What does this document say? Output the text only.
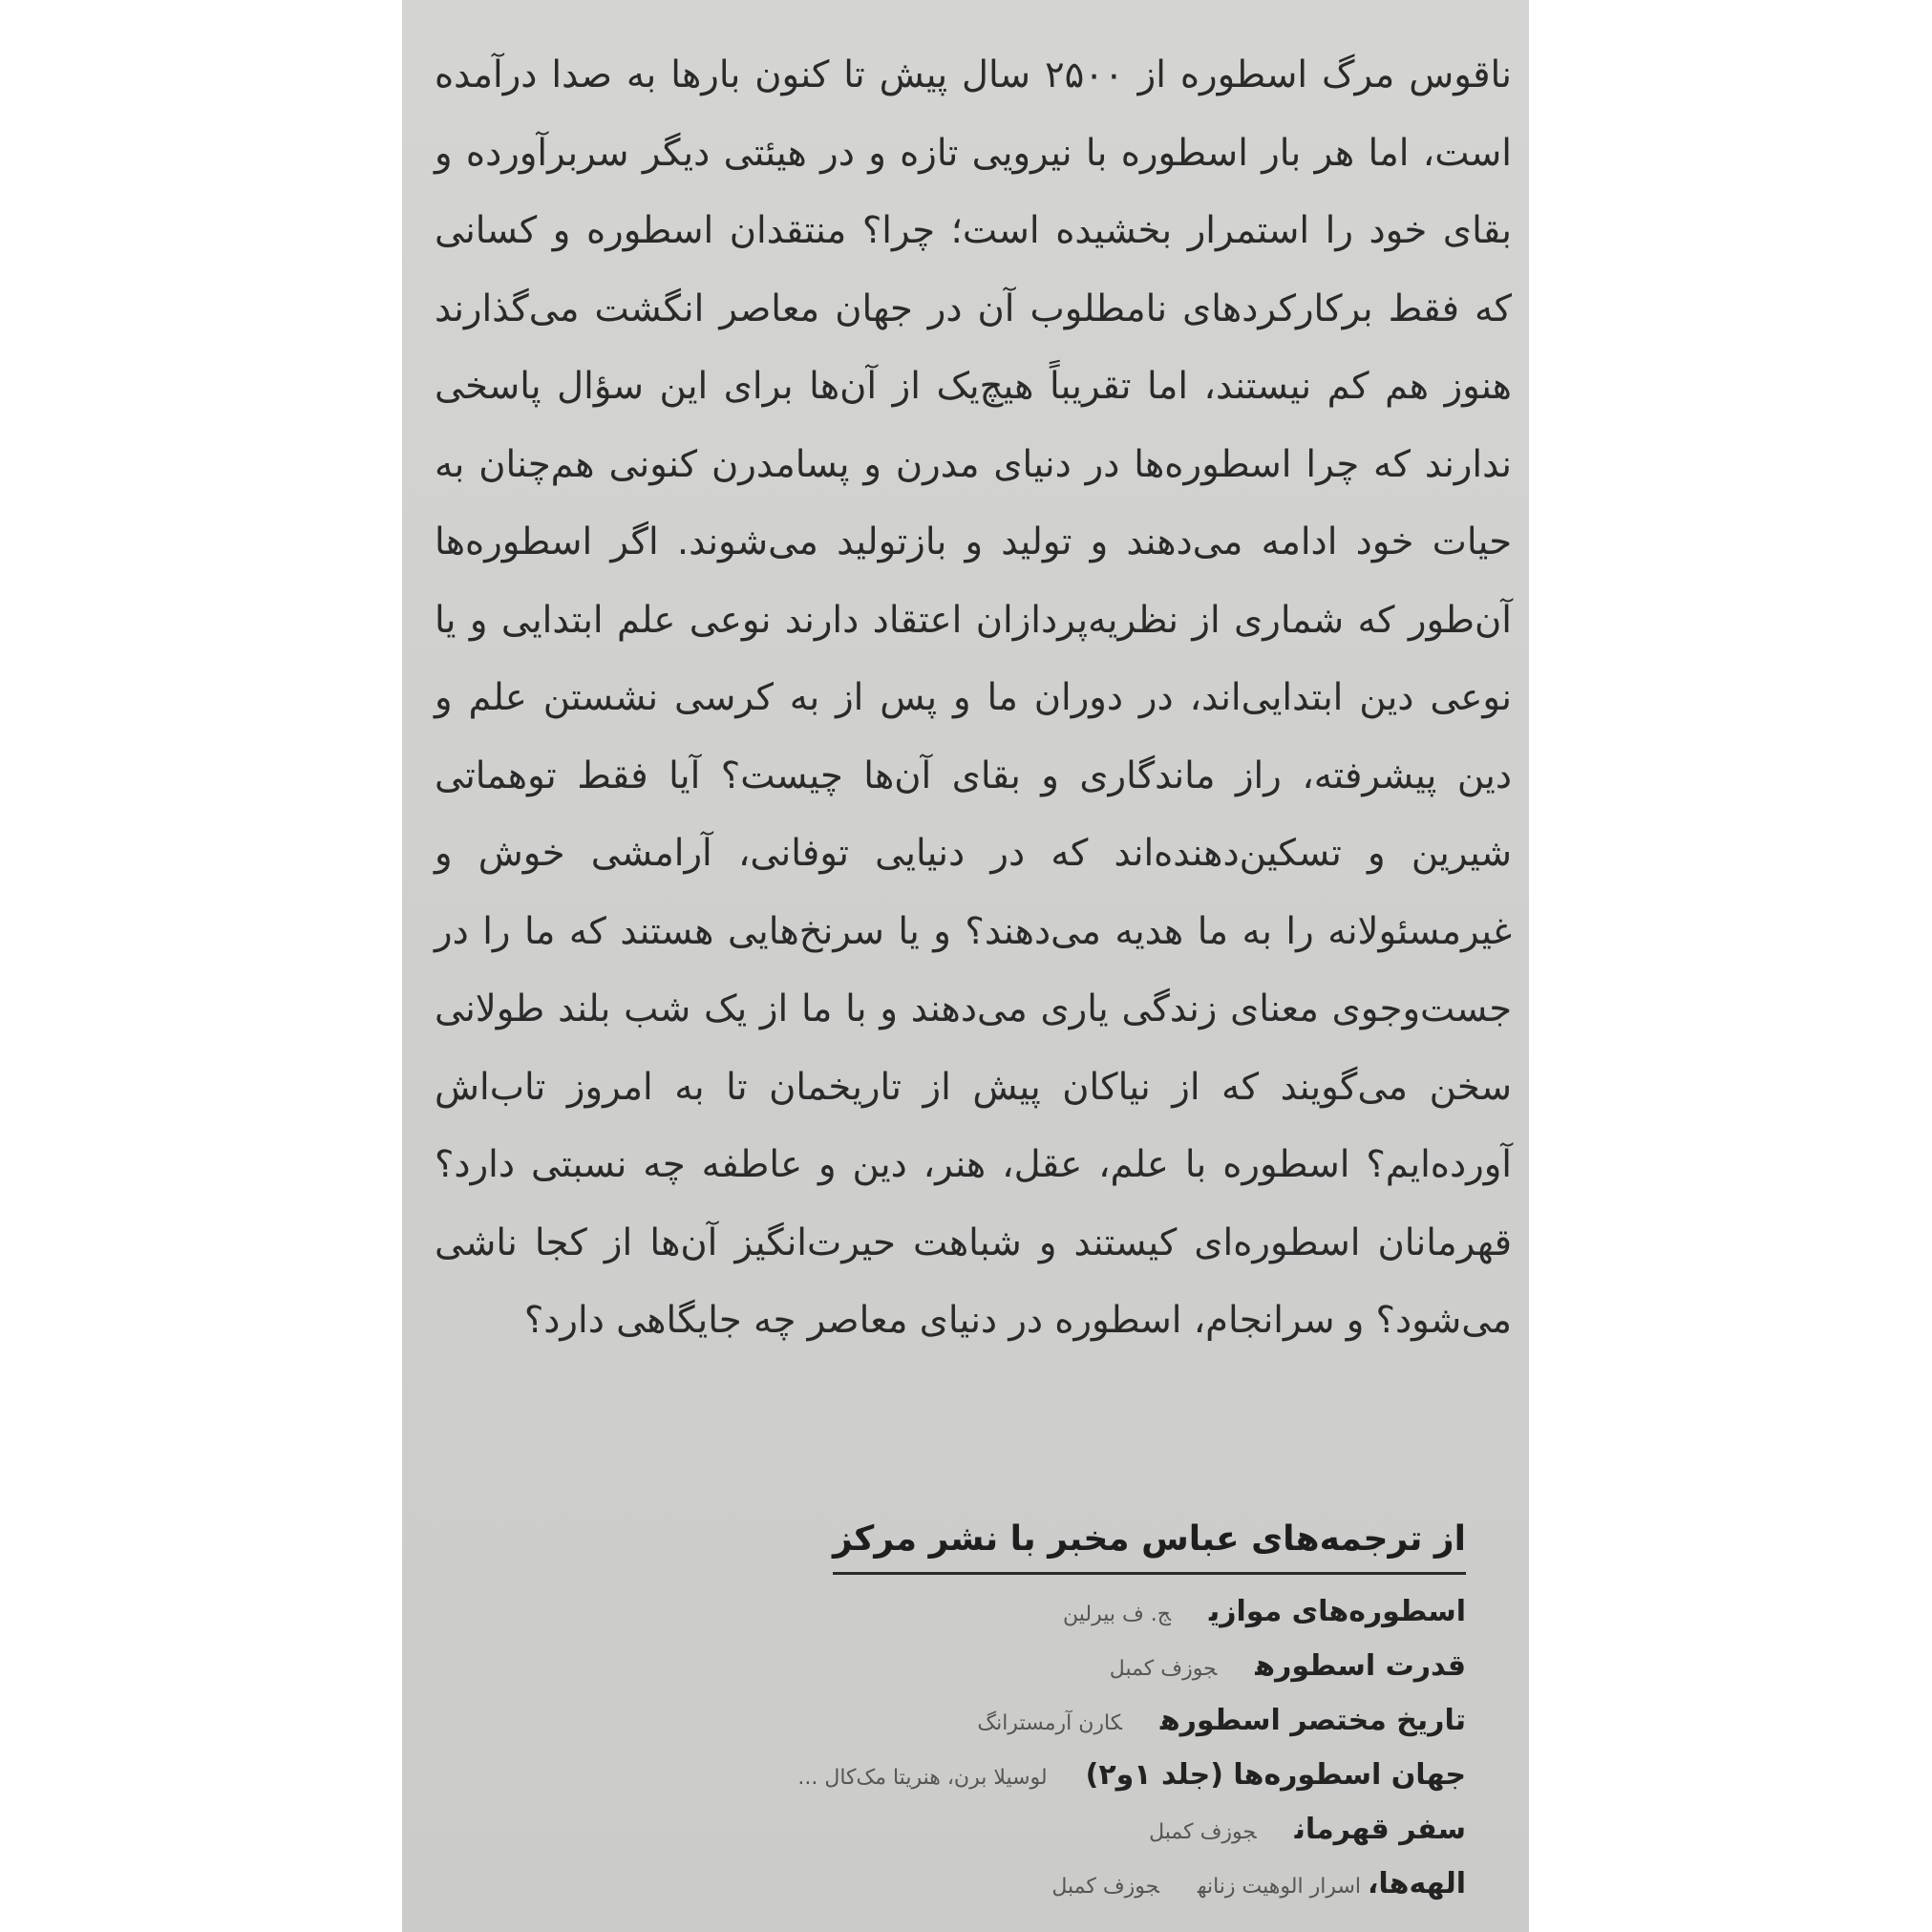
ناقوس مرگ اسطوره از ۲۵۰۰ سال پیش تا کنون بارها به صدا درآمده است، اما هر بار اسطوره با نیرویی تازه و در هیئتی دیگر سربرآورده و بقای خود را استمرار بخشیده است؛ چرا؟ منتقدان اسطوره و کسانی که فقط برکارکردهای نامطلوب آن در جهان معاصر انگشت می‌گذارند هنوز هم کم نیستند، اما تقریباً هیچ‌یک از آن‌ها برای این سؤال پاسخی ندارند که چرا اسطوره‌ها در دنیای مدرن و پسامدرن کنونی هم‌چنان به حیات خود ادامه می‌دهند و تولید و بازتولید می‌شوند. اگر اسطوره‌ها آن‌طور که شماری از نظریه‌پردازان اعتقاد دارند نوعی علم ابتدایی و یا نوعی دین ابتدایی‌اند، در دوران ما و پس از به کرسی نشستن علم و دین پیشرفته، راز ماندگاری و بقای آن‌ها چیست؟ آیا فقط توهماتی شیرین و تسکین‌دهنده‌اند که در دنیایی توفانی، آرامشی خوش و غیرمسئولانه را به ما هدیه می‌دهند؟ و یا سرنخ‌هایی هستند که ما را در جست‌وجوی معنای زندگی یاری می‌دهند و با ما از یک شب بلند طولانی سخن می‌گویند که از نیاکان پیش از تاریخمان تا به امروز تاب‌اش آورده‌ایم؟ اسطوره با علم، عقل، هنر، دین و عاطفه چه نسبتی دارد؟ قهرمانان اسطوره‌ای کیستند و شباهت حیرت‌انگیز آن‌ها از کجا ناشی می‌شود؟ و سرانجام، اسطوره در دنیای معاصر چه جایگاهی دارد؟

از ترجمه‌های عباس مخبر با نشر مرکز
اسطوره‌های موازیج. ف بیرلین
قدرت اسطورهجوزف کمبل
تاریخ مختصر اسطورهکارن آرمسترانگ
جهان اسطوره‌ها (جلد ۱و۲)لوسیلا برن، هنریتا مک‌کال ...
سفر قهرمانجوزف کمبل
الهه‌ها، اسرار الوهیت زنانهجوزف کمبل
